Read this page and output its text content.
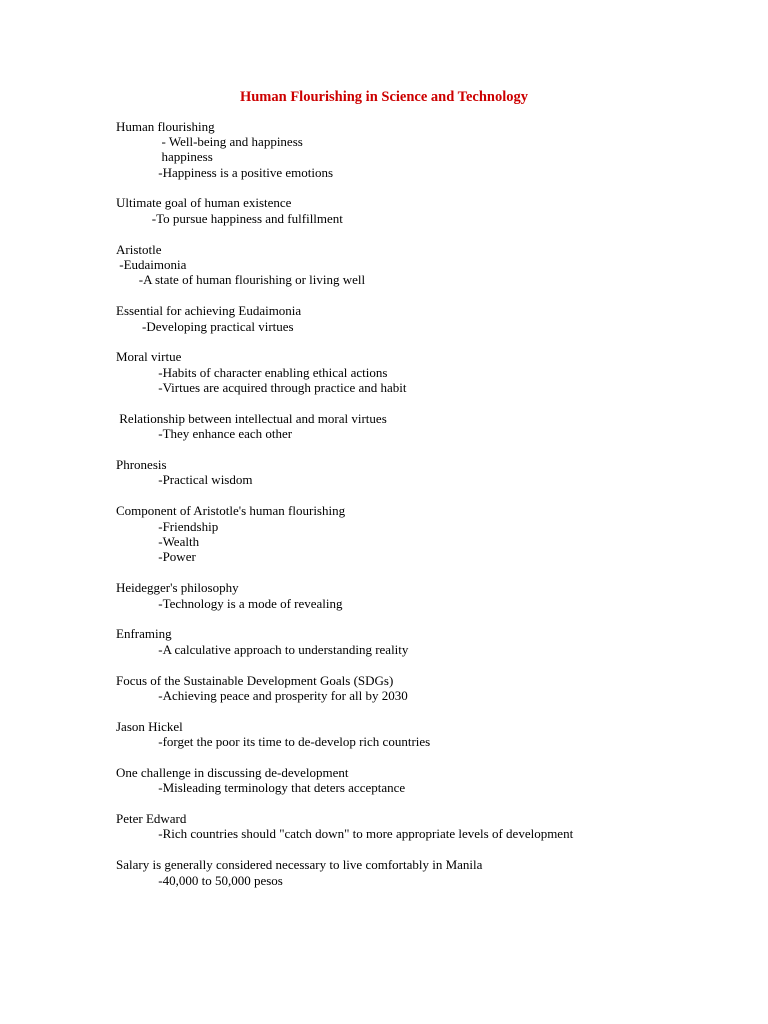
Human Flourishing in Science and Technology
Human flourishing
- Well-being and happiness
happiness
-Happiness is a positive emotions
Ultimate goal of human existence
-To pursue happiness and fulfillment
Aristotle
-Eudaimonia
-A state of human flourishing or living well
Essential for achieving Eudaimonia
-Developing practical virtues
Moral virtue
-Habits of character enabling ethical actions
-Virtues are acquired through practice and habit
Relationship between intellectual and moral virtues
-They enhance each other
Phronesis
-Practical wisdom
Component of Aristotle's human flourishing
-Friendship
-Wealth
-Power
Heidegger's philosophy
-Technology is a mode of revealing
Enframing
-A calculative approach to understanding reality
Focus of the Sustainable Development Goals (SDGs)
-Achieving peace and prosperity for all by 2030
Jason Hickel
-forget the poor its time to de-develop rich countries
One challenge in discussing de-development
-Misleading terminology that deters acceptance
Peter Edward
-Rich countries should "catch down" to more appropriate levels of development
Salary is generally considered necessary to live comfortably in Manila
-40,000 to 50,000 pesos
